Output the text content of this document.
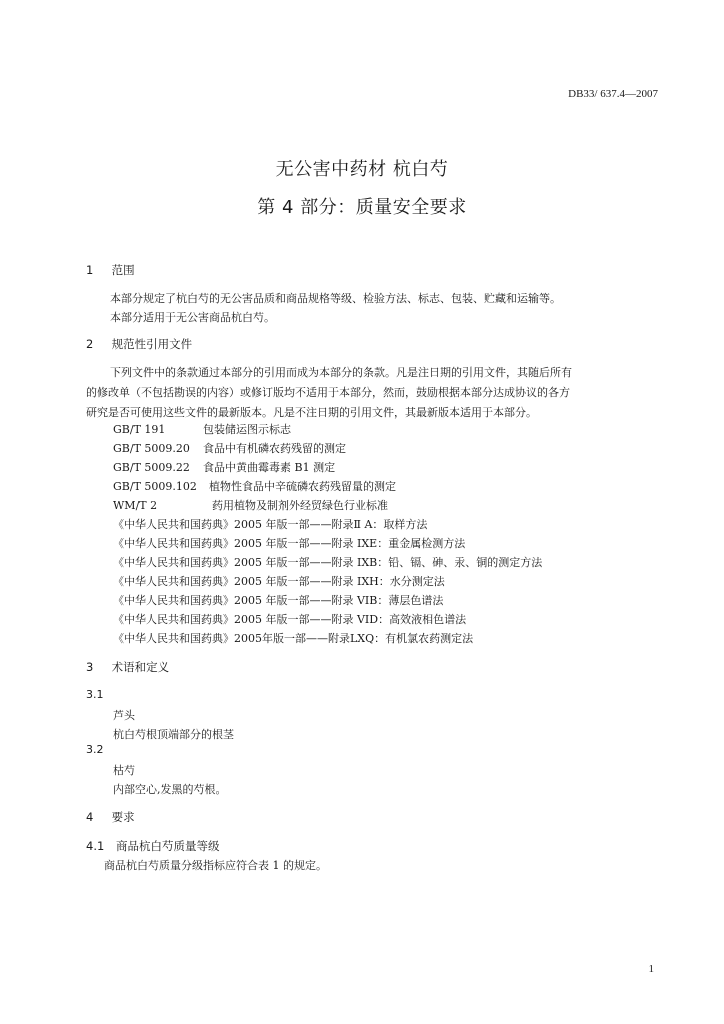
DB33/ 637.4—2007
无公害中药材 杭白芍
第 4 部分：质量安全要求
1 范围
本部分规定了杭白芍的无公害品质和商品规格等级、检验方法、标志、包装、贮藏和运输等。
本部分适用于无公害商品杭白芍。
2 规范性引用文件
下列文件中的条款通过本部分的引用而成为本部分的条款。凡是注日期的引用文件，其随后所有
的修改单（不包括勘误的内容）或修订版均不适用于本部分，然而，鼓励根据本部分达成协议的各方
研究是否可使用这些文件的最新版本。凡是不注日期的引用文件，其最新版本适用于本部分。
GB/T 191	包装储运图示标志
GB/T 5009.20 食品中有机磷农药残留的测定
GB/T 5009.22 食品中黄曲霉毒素 B1 测定
GB/T 5009.102 植物性食品中辛硫磷农药残留量的测定
WM/T 2	药用植物及制剂外经贸绿色行业标准
《中华人民共和国药典》2005 年版一部——附录Ⅱ A：取样方法
《中华人民共和国药典》2005 年版一部——附录 IXE：重金属检测方法
《中华人民共和国药典》2005 年版一部——附录 IXB：铅、镉、砷、汞、铜的测定方法
《中华人民共和国药典》2005 年版一部——附录 IXH：水分测定法
《中华人民共和国药典》2005 年版一部——附录 VIB：薄层色谱法
《中华人民共和国药典》2005 年版一部——附录 VID：高效液相色谱法
《中华人民共和国药典》2005年版一部——附录LXQ：有机氯农药测定法
3 术语和定义
3.1
芦头
杭白芍根顶端部分的根茎
3.2
枯芍
内部空心,发黑的芍根。
4 要求
4.1 商品杭白芍质量等级
商品杭白芍质量分级指标应符合表 1 的规定。
1
